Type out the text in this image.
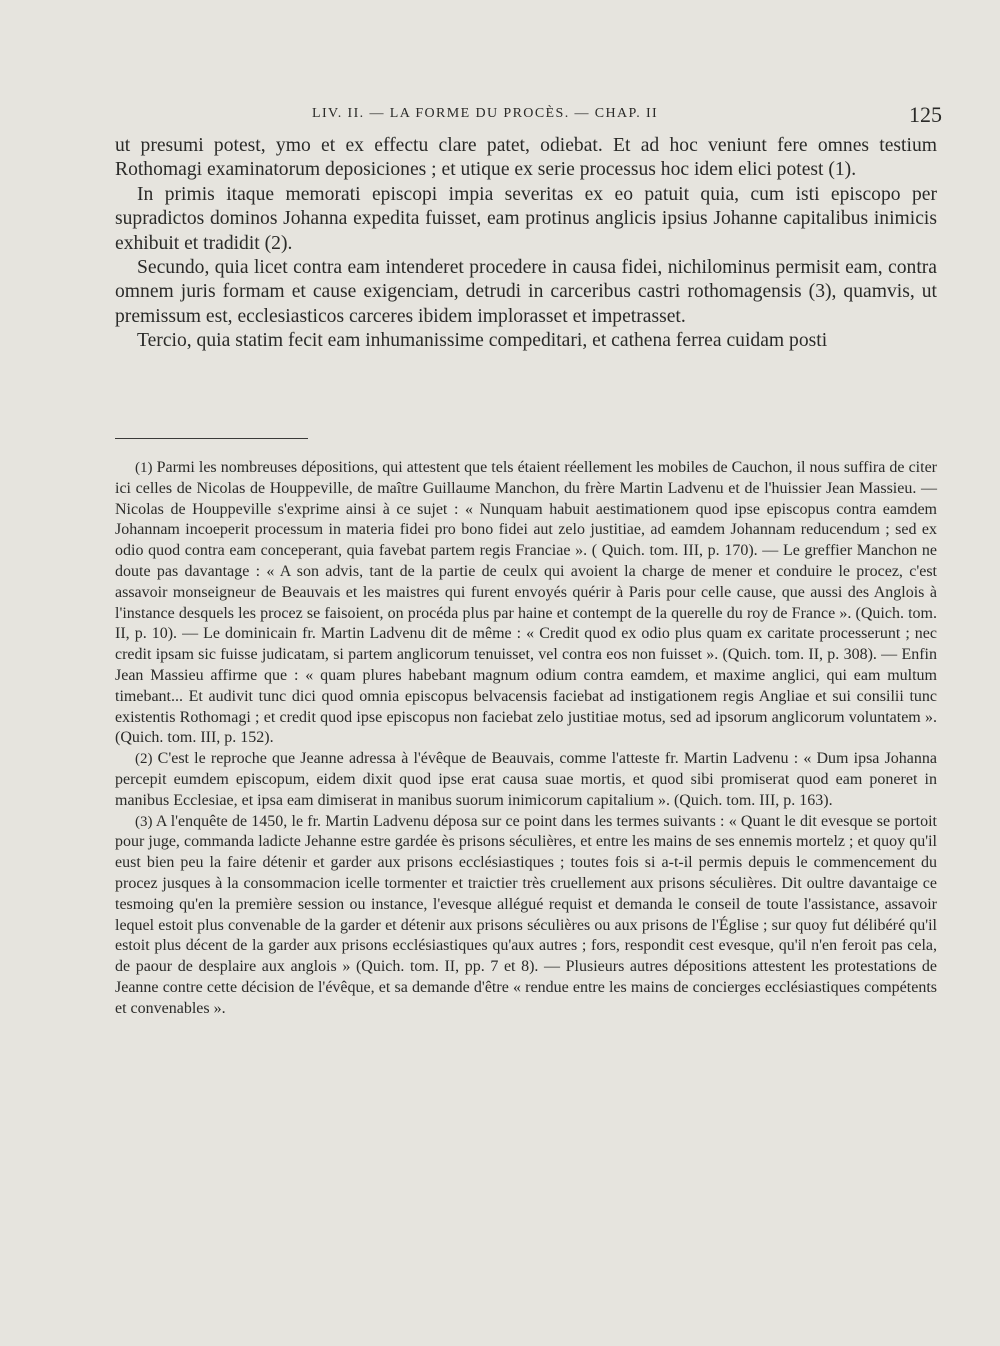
LIV. II. — LA FORME DU PROCÈS. — CHAP. II	125

ut presumi potest, ymo et ex effectu clare patet, odiebat. Et ad hoc veniunt fere omnes testium Rothomagi examinatorum deposiciones ; et utique ex serie processus hoc idem elici potest (1).

In primis itaque memorati episcopi impia severitas ex eo patuit quia, cum isti episcopo per supradictos dominos Johanna expedita fuisset, eam protinus anglicis ipsius Johanne capitalibus inimicis exhibuit et tradidit (2).

Secundo, quia licet contra eam intenderet procedere in causa fidei, nichilominus permisit eam, contra omnem juris formam et cause exigenciam, detrudi in carceribus castri rothomagensis (3), quamvis, ut premissum est, ecclesiasticos carceres ibidem implorasset et impetrasset.

Tercio, quia statim fecit eam inhumanissime compeditari, et cathena ferrea cuidam posti

(1) Parmi les nombreuses dépositions, qui attestent que tels étaient réellement les mobiles de Cauchon, il nous suffira de citer ici celles de Nicolas de Houppeville, de maître Guillaume Manchon, du frère Martin Ladvenu et de l'huissier Jean Massieu. — Nicolas de Houppeville s'exprime ainsi à ce sujet : « Nunquam habuit aestimationem quod ipse episcopus contra eamdem Johannam incoeperit processum in materia fidei pro bono fidei aut zelo justitiae, ad eamdem Johannam reducendum ; sed ex odio quod contra eam conceperant, quia favebat partem regis Franciae ». ( Quich. tom. III, p. 170). — Le greffier Manchon ne doute pas davantage : « A son advis, tant de la partie de ceulx qui avoient la charge de mener et conduire le procez, c'est assavoir monseigneur de Beauvais et les maistres qui furent envoyés quérir à Paris pour celle cause, que aussi des Anglois à l'instance desquels les procez se faisoient, on procéda plus par haine et contempt de la querelle du roy de France ». (Quich. tom. II, p. 10). — Le dominicain fr. Martin Ladvenu dit de même : « Credit quod ex odio plus quam ex caritate processerunt ; nec credit ipsam sic fuisse judicatam, si partem anglicorum tenuisset, vel contra eos non fuisset ». (Quich. tom. II, p. 308). — Enfin Jean Massieu affirme que : « quam plures habebant magnum odium contra eamdem, et maxime anglici, qui eam multum timebant... Et audivit tunc dici quod omnia episcopus belvacensis faciebat ad instigationem regis Angliae et sui consilii tunc existentis Rothomagi ; et credit quod ipse episcopus non faciebat zelo justitiae motus, sed ad ipsorum anglicorum voluntatem ». (Quich. tom. III, p. 152).

(2) C'est le reproche que Jeanne adressa à l'évêque de Beauvais, comme l'atteste fr. Martin Ladvenu : « Dum ipsa Johanna percepit eumdem episcopum, eidem dixit quod ipse erat causa suae mortis, et quod sibi promiserat quod eam poneret in manibus Ecclesiae, et ipsa eam dimiserat in manibus suorum inimicorum capitalium ». (Quich. tom. III, p. 163).

(3) A l'enquête de 1450, le fr. Martin Ladvenu déposa sur ce point dans les termes suivants : « Quant le dit evesque se portoit pour juge, commanda ladicte Jehanne estre gardée ès prisons séculières, et entre les mains de ses ennemis mortelz ; et quoy qu'il eust bien peu la faire détenir et garder aux prisons ecclésiastiques ; toutes fois si a-t-il permis depuis le commencement du procez jusques à la consommacion icelle tormenter et traictier très cruellement aux prisons séculières. Dit oultre davantaige ce tesmoing qu'en la première session ou instance, l'evesque allégué requist et demanda le conseil de toute l'assistance, assavoir lequel estoit plus convenable de la garder et détenir aux prisons séculières ou aux prisons de l'Église ; sur quoy fut délibéré qu'il estoit plus décent de la garder aux prisons ecclésiastiques qu'aux autres ; fors, respondit cest evesque, qu'il n'en feroit pas cela, de paour de desplaire aux anglois » (Quich. tom. II, pp. 7 et 8). — Plusieurs autres dépositions attestent les protestations de Jeanne contre cette décision de l'évêque, et sa demande d'être « rendue entre les mains de concierges ecclésiastiques compétents et convenables ».
